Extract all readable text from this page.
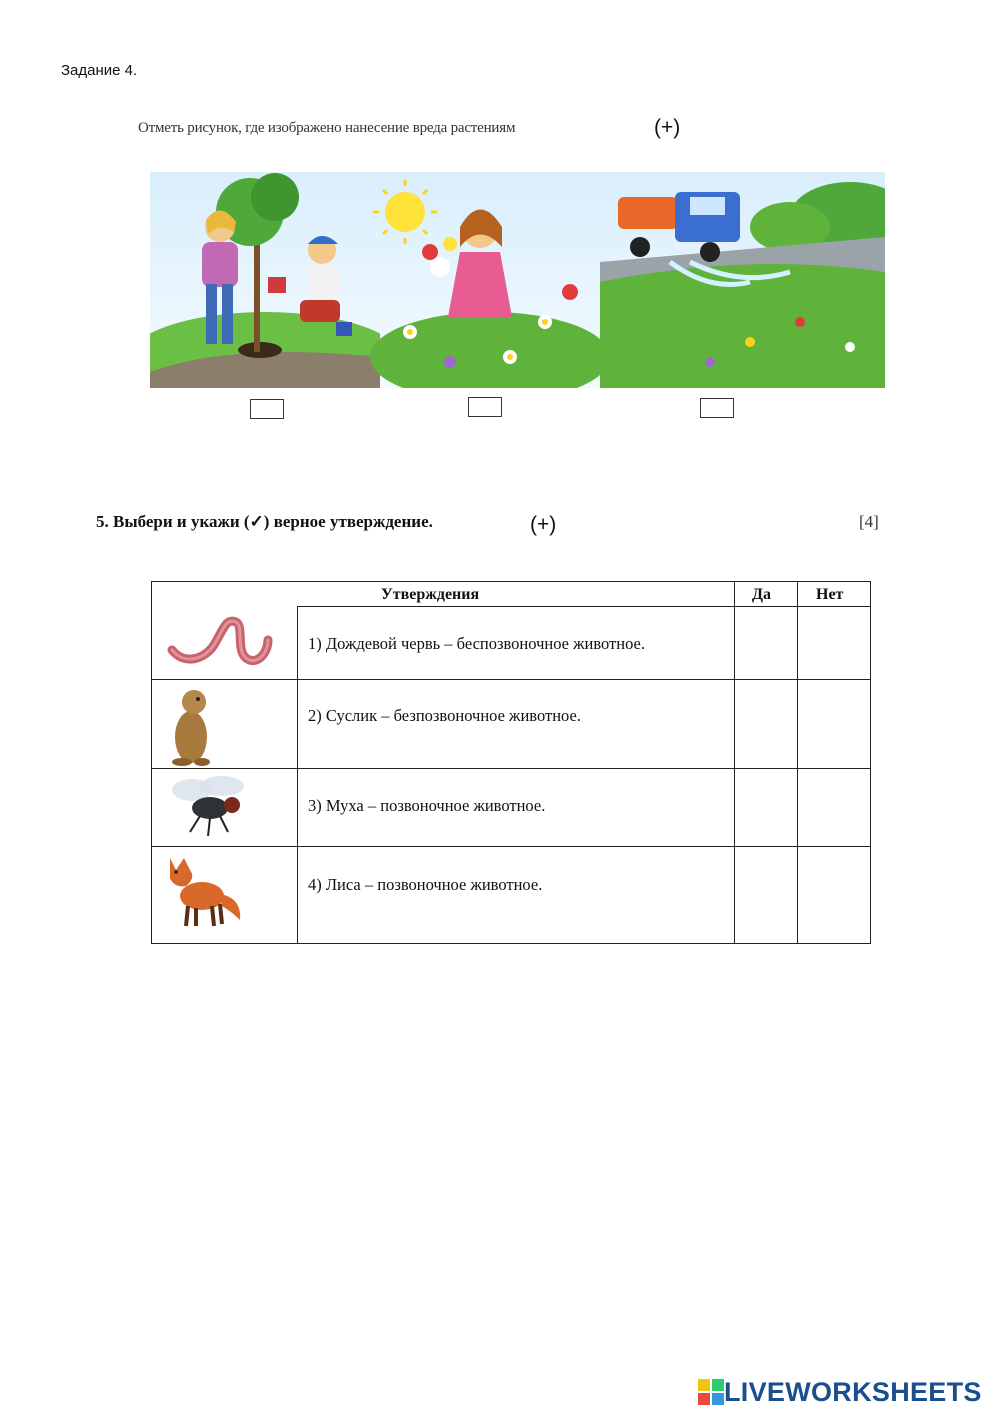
Задание 4.
Отметь рисунок, где изображено нанесение вреда растениям	(+)
5. Выбери и укажи (✓) верное утверждение.	(+)	[4]
Утверждения	Да	Нет
1) Дождевой червь – беспозвоночное животное.
2) Суслик – безпозвоночное животное.
3) Муха – позвоночное животное.
4) Лиса – позвоночное животное.
LIVEWORKSHEETS
